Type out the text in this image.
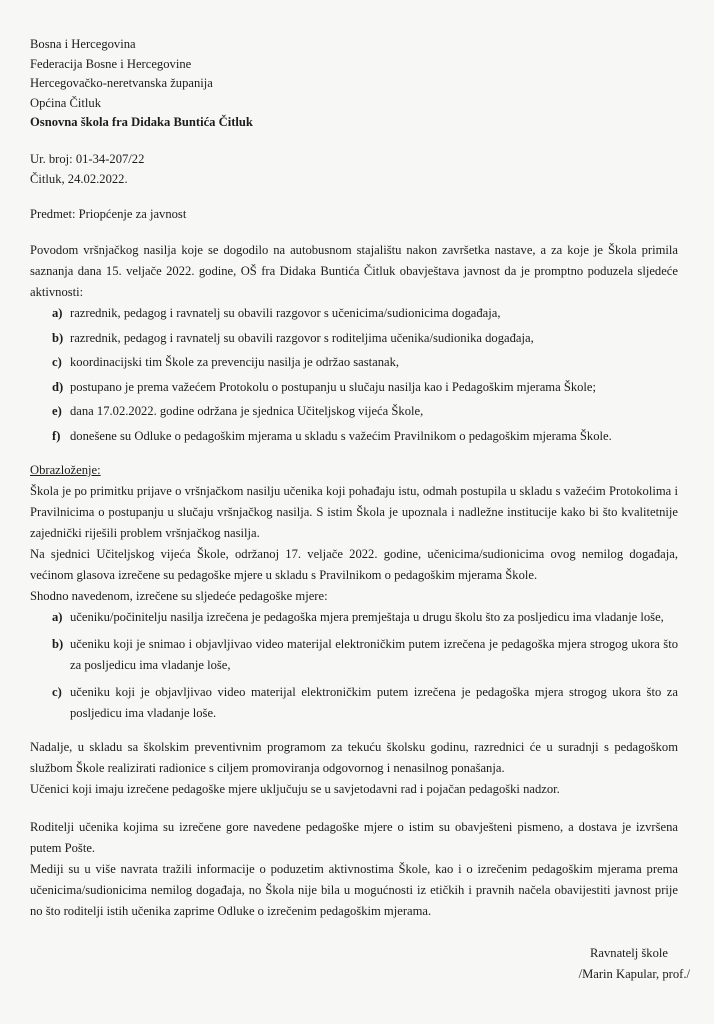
Bosna i Hercegovina
Federacija Bosne i Hercegovine
Hercegovačko-neretvanska županija
Općina Čitluk
Osnovna škola fra Didaka Buntića Čitluk
Ur. broj: 01-34-207/22
Čitluk, 24.02.2022.
Predmet: Priopćenje za javnost
Povodom vršnjačkog nasilja koje se dogodilo na autobusnom stajalištu nakon završetka nastave, a za koje je Škola primila saznanja dana 15. veljače 2022. godine, OŠ fra Didaka Buntića Čitluk obavještava javnost da je promptno poduzela sljedeće aktivnosti:
a) razrednik, pedagog i ravnatelj su obavili razgovor s učenicima/sudionicima događaja,
b) razrednik, pedagog i ravnatelj su obavili razgovor s roditeljima učenika/sudionika događaja,
c) koordinacijski tim Škole za prevenciju nasilja je održao sastanak,
d) postupano je prema važećem Protokolu o postupanju u slučaju nasilja kao i Pedagoškim mjerama Škole;
e) dana 17.02.2022. godine održana je sjednica Učiteljskog vijeća Škole,
f) donešene su Odluke o pedagoškim mjerama u skladu s važećim Pravilnikom o pedagoškim mjerama Škole.
Obrazloženje:
Škola je po primitku prijave o vršnjačkom nasilju učenika koji pohađaju istu, odmah postupila u skladu s važećim Protokolima i Pravilnicima o postupanju u slučaju vršnjačkog nasilja. S istim Škola je upoznala i nadležne institucije kako bi što kvalitetnije zajednički riješili problem vršnjačkog nasilja.
Na sjednici Učiteljskog vijeća Škole, održanoj 17. veljače 2022. godine, učenicima/sudionicima ovog nemilog događaja, većinom glasova izrečene su pedagoške mjere u skladu s Pravilnikom o pedagoškim mjerama Škole.
Shodno navedenom, izrečene su sljedeće pedagoške mjere:
a) učeniku/počinitelju nasilja izrečena je pedagoška mjera premještaja u drugu školu što za posljedicu ima vladanje loše,
b) učeniku koji je snimao i objavljivao video materijal elektroničkim putem izrečena je pedagoška mjera strogog ukora što za posljedicu ima vladanje loše,
c) učeniku koji je objavljivao video materijal elektroničkim putem izrečena je pedagoška mjera strogog ukora što za posljedicu ima vladanje loše.
Nadalje, u skladu sa školskim preventivnim programom za tekuću školsku godinu, razrednici će u suradnji s pedagoškom službom Škole realizirati radionice s ciljem promoviranja odgovornog i nenasilnog ponašanja.
Učenici koji imaju izrečene pedagoške mjere uključuju se u savjetodavni rad i pojačan pedagoški nadzor.
Roditelji učenika kojima su izrečene gore navedene pedagoške mjere o istim su obavješteni pismeno, a dostava je izvršena putem Pošte.
Mediji su u više navrata tražili informacije o poduzetim aktivnostima Škole, kao i o izrečenim pedagoškim mjerama prema učenicima/sudionicima nemilog događaja, no Škola nije bila u mogućnosti iz etičkih i pravnih načela obavijestiti javnost prije no što roditelji istih učenika zaprime Odluke o izrečenim pedagoškim mjerama.
Ravnatelj škole
/Marin Kapular, prof./
